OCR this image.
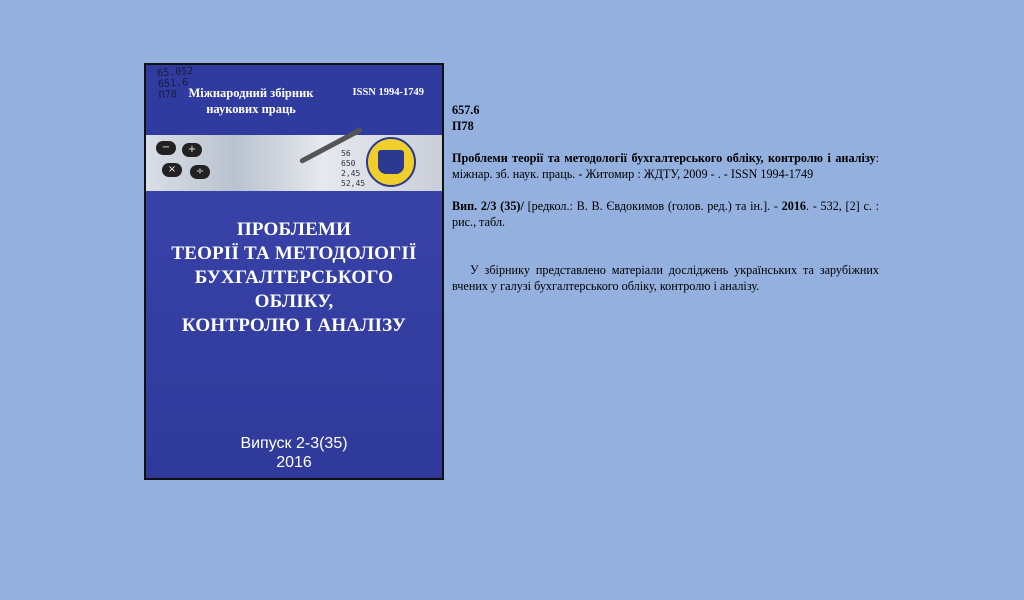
65.052
651.6
П78 Міжнародний збірник
наукових праць
ISSN 1994-1749
−	+
×	÷
56
650
2,45
52,45
ПРОБЛЕМИ
ТЕОРІЇ ТА МЕТОДОЛОГІЇ
БУХГАЛТЕРСЬКОГО ОБЛІКУ,
КОНТРОЛЮ І АНАЛІЗУ
Випуск 2-3(35)
2016

657.6

П78

Проблеми теорії та методології бухгалтерського обліку, контролю і аналізу: міжнар. зб. наук. праць. - Житомир : ЖДТУ, 2009 - . - ISSN 1994-1749

Вип. 2/3 (35)/ [редкол.: В. В. Євдокимов (голов. ред.) та ін.]. - 2016. - 532, [2] с. : рис., табл.

У збірнику представлено матеріали досліджень українських та зарубіжних вчених у галузі бухгалтерського обліку, контролю і аналізу.
